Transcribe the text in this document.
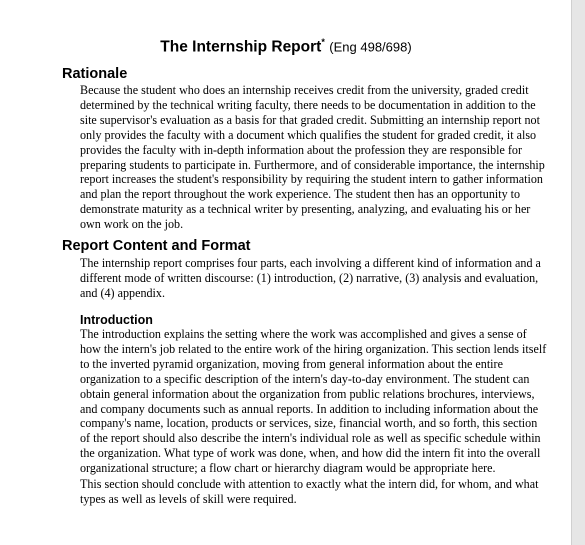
The Internship Report* (Eng 498/698)
Rationale
Because the student who does an internship receives credit from the university, graded credit
determined by the technical writing faculty, there needs to be documentation in addition to the
site supervisor's evaluation as a basis for that graded credit. Submitting an internship report not
only provides the faculty with a document which qualifies the student for graded credit, it also
provides the faculty with in-depth information about the profession they are responsible for
preparing students to participate in. Furthermore, and of considerable importance, the internship
report increases the student's responsibility by requiring the student intern to gather information
and plan the report throughout the work experience. The student then has an opportunity to
demonstrate maturity as a technical writer by presenting, analyzing, and evaluating his or her
own work on the job.
Report Content and Format
The internship report comprises four parts, each involving a different kind of information and a
different mode of written discourse: (1) introduction, (2) narrative, (3) analysis and evaluation,
and (4) appendix.
Introduction
The introduction explains the setting where the work was accomplished and gives a sense of
how the intern's job related to the entire work of the hiring organization. This section lends itself
to the inverted pyramid organization, moving from general information about the entire
organization to a specific description of the intern's day-to-day environment. The student can
obtain general information about the organization from public relations brochures, interviews,
and company documents such as annual reports. In addition to including information about the
company's name, location, products or services, size, financial worth, and so forth, this section
of the report should also describe the intern's individual role as well as specific schedule within
the organization. What type of work was done, when, and how did the intern fit into the overall
organizational structure; a flow chart or hierarchy diagram would be appropriate here.
This section should conclude with attention to exactly what the intern did, for whom, and what
types as well as levels of skill were required.
